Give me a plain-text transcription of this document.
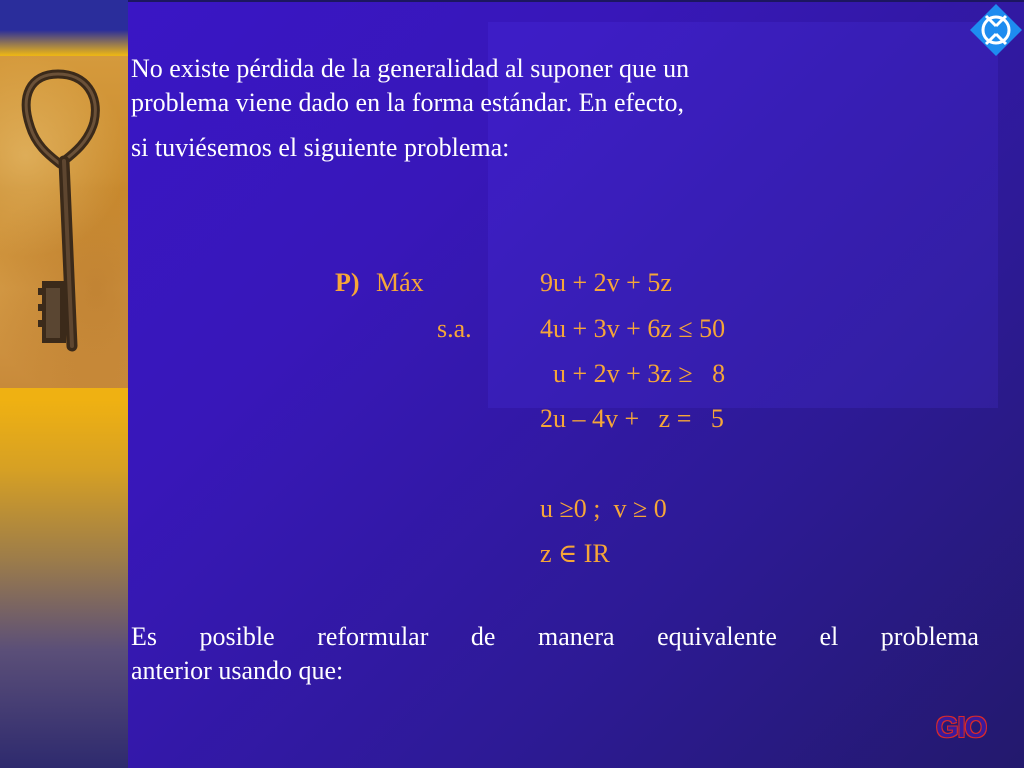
No existe pérdida de la generalidad al suponer que un
problema viene dado en la forma estándar. En efecto,
si tuviésemos el siguiente problema:
P) Máx	9u + 2v + 5z
s.a.	4u + 3v + 6z ≤ 50
u + 2v + 3z ≥   8
2u – 4v +   z =   5
u ≥0 ;  v ≥ 0
z ∈ IR
Es posible reformular de manera equivalente el problema
anterior usando que:
GIO
